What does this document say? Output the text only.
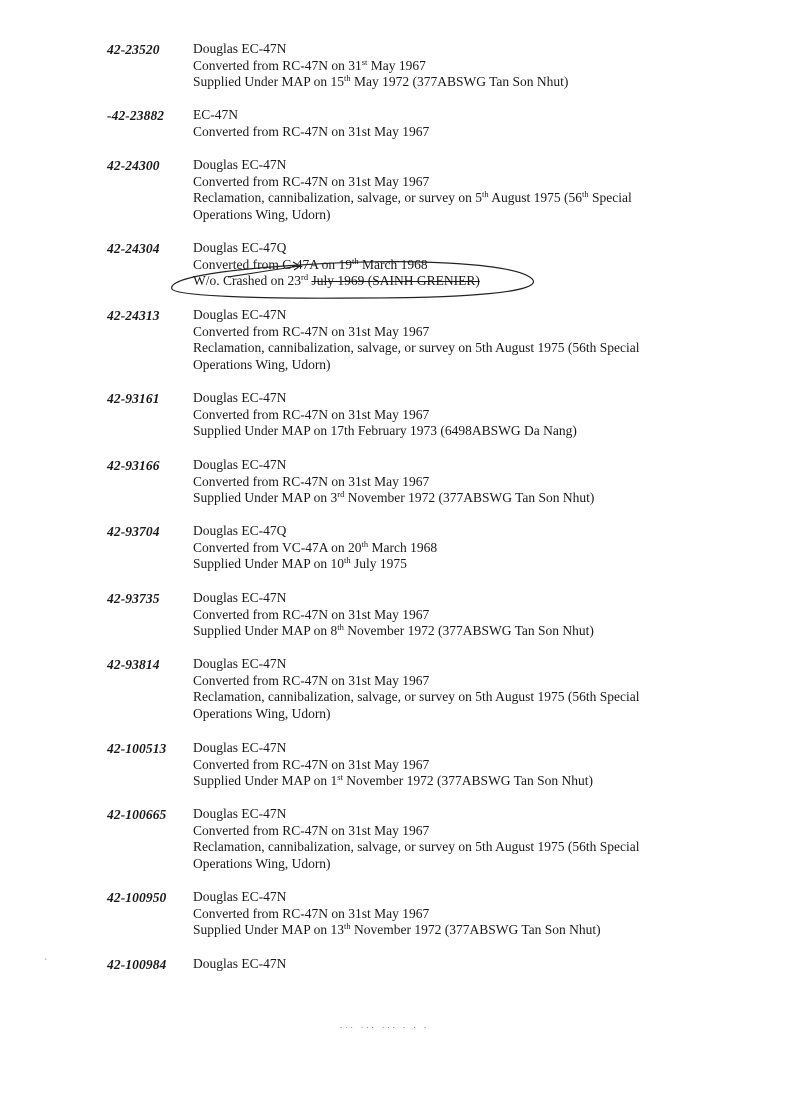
42-23520 Douglas EC-47N
Converted from RC-47N on 31st May 1967
Supplied Under MAP on 15th May 1972 (377ABSWG Tan Son Nhut)
-42-23882 EC-47N
Converted from RC-47N on 31st May 1967
42-24300 Douglas EC-47N
Converted from RC-47N on 31st May 1967
Reclamation, cannibalization, salvage, or survey on 5th August 1975 (56th Special
Operations Wing, Udorn)
42-24304 Douglas EC-47Q
Converted from C-47A on 19th March 1968
W/o. Crashed on 23rd July 1969 (SAINH GRENIER)
42-24313 Douglas EC-47N
Converted from RC-47N on 31st May 1967
Reclamation, cannibalization, salvage, or survey on 5th August 1975 (56th Special
Operations Wing, Udorn)
42-93161 Douglas EC-47N
Converted from RC-47N on 31st May 1967
Supplied Under MAP on 17th February 1973 (6498ABSWG Da Nang)
42-93166 Douglas EC-47N
Converted from RC-47N on 31st May 1967
Supplied Under MAP on 3rd November 1972 (377ABSWG Tan Son Nhut)
42-93704 Douglas EC-47Q
Converted from VC-47A on 20th March 1968
Supplied Under MAP on 10th July 1975
42-93735 Douglas EC-47N
Converted from RC-47N on 31st May 1967
Supplied Under MAP on 8th November 1972 (377ABSWG Tan Son Nhut)
42-93814 Douglas EC-47N
Converted from RC-47N on 31st May 1967
Reclamation, cannibalization, salvage, or survey on 5th August 1975 (56th Special
Operations Wing, Udorn)
42-100513 Douglas EC-47N
Converted from RC-47N on 31st May 1967
Supplied Under MAP on 1st November 1972 (377ABSWG Tan Son Nhut)
42-100665 Douglas EC-47N
Converted from RC-47N on 31st May 1967
Reclamation, cannibalization, salvage, or survey on 5th August 1975 (56th Special
Operations Wing, Udorn)
42-100950 Douglas EC-47N
Converted from RC-47N on 31st May 1967
Supplied Under MAP on 13th November 1972 (377ABSWG Tan Son Nhut)
42-100984 Douglas EC-47N
`
... ... ... . . .
